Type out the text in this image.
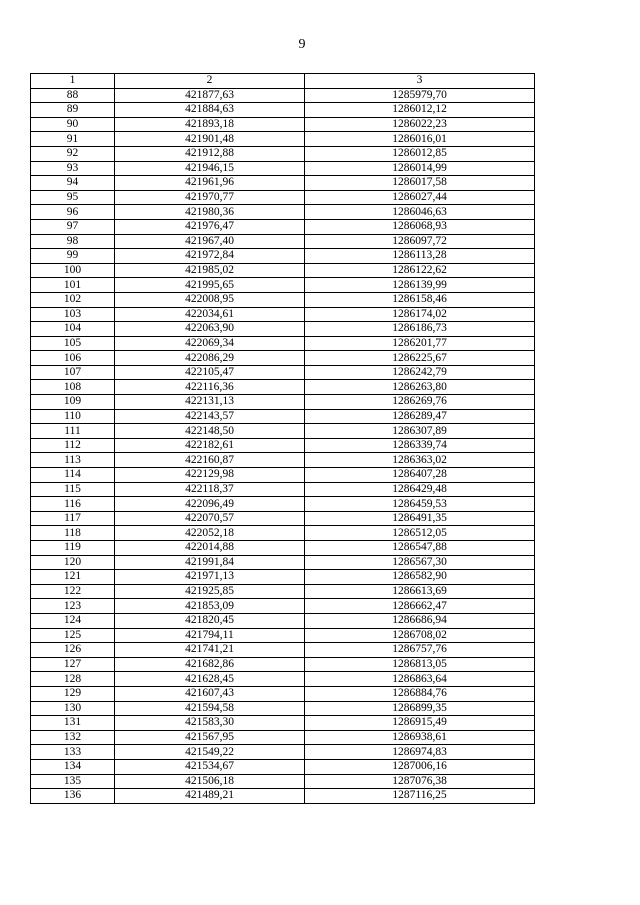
9
1	2	3
88	421877,63	1285979,70
89	421884,63	1286012,12
90	421893,18	1286022,23
91	421901,48	1286016,01
92	421912,88	1286012,85
93	421946,15	1286014,99
94	421961,96	1286017,58
95	421970,77	1286027,44
96	421980,36	1286046,63
97	421976,47	1286068,93
98	421967,40	1286097,72
99	421972,84	1286113,28
100	421985,02	1286122,62
101	421995,65	1286139,99
102	422008,95	1286158,46
103	422034,61	1286174,02
104	422063,90	1286186,73
105	422069,34	1286201,77
106	422086,29	1286225,67
107	422105,47	1286242,79
108	422116,36	1286263,80
109	422131,13	1286269,76
110	422143,57	1286289,47
111	422148,50	1286307,89
112	422182,61	1286339,74
113	422160,87	1286363,02
114	422129,98	1286407,28
115	422118,37	1286429,48
116	422096,49	1286459,53
117	422070,57	1286491,35
118	422052,18	1286512,05
119	422014,88	1286547,88
120	421991,84	1286567,30
121	421971,13	1286582,90
122	421925,85	1286613,69
123	421853,09	1286662,47
124	421820,45	1286686,94
125	421794,11	1286708,02
126	421741,21	1286757,76
127	421682,86	1286813,05
128	421628,45	1286863,64
129	421607,43	1286884,76
130	421594,58	1286899,35
131	421583,30	1286915,49
132	421567,95	1286938,61
133	421549,22	1286974,83
134	421534,67	1287006,16
135	421506,18	1287076,38
136	421489,21	1287116,25
